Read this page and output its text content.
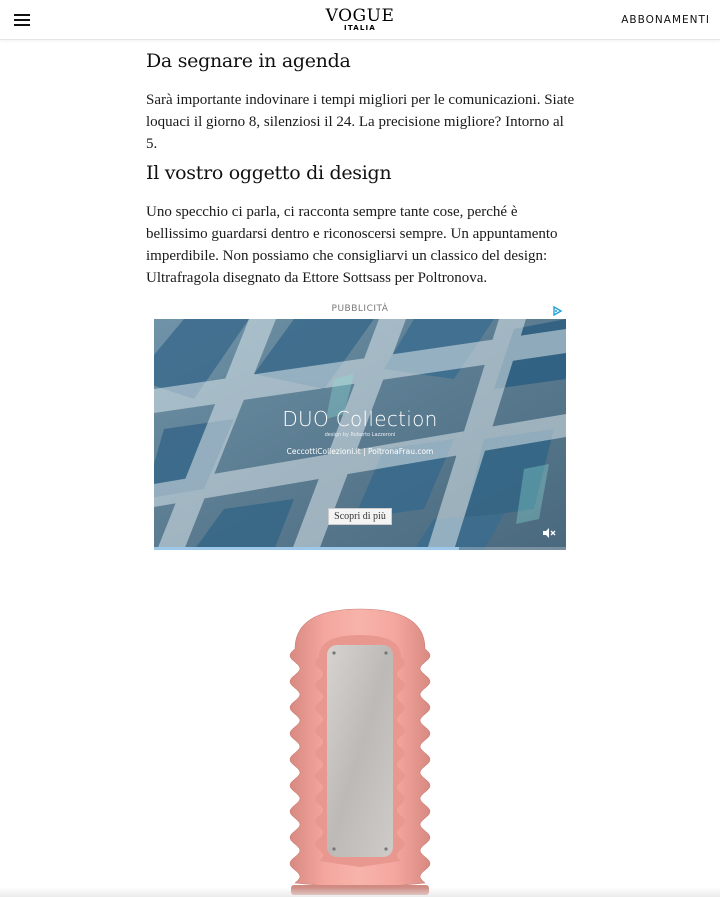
VOGUE
ITALIA
ABBONAMENTI
Da segnare in agenda

Sarà importante indovinare i tempi migliori per le comunicazioni. Siate loquaci il giorno 8, silenziosi il 24. La precisione migliore? Intorno al 5.

Il vostro oggetto di design

Uno specchio ci parla, ci racconta sempre tante cose, perché è bellissimo guardarsi dentro e riconoscersi sempre. Un appuntamento imperdibile. Non possiamo che consigliarvi un classico del design: Ultrafragola disegnato da Ettore Sottsass per Poltronova.

PUBBLICITÀ
DUO Collection
design by Roberto Lazzeroni
CeccottiCollezioni.it | PoltronaFrau.com
Scopri di più
